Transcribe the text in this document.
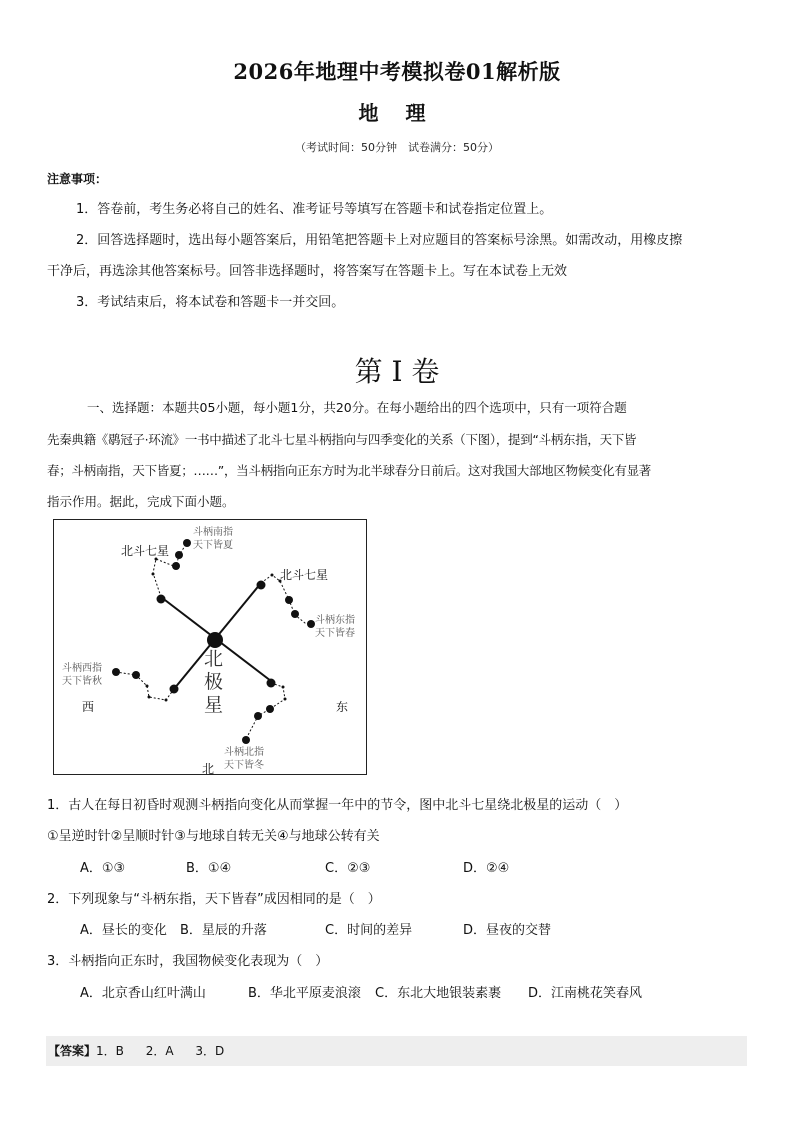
2026年地理中考模拟卷01解析版
地 理
（考试时间：50分钟　试卷满分：50分）
注意事项：
1．答卷前，考生务必将自己的姓名、准考证号等填写在答题卡和试卷指定位置上。
2．回答选择题时，选出每小题答案后，用铅笔把答题卡上对应题目的答案标号涂黑。如需改动，用橡皮擦
干净后，再选涂其他答案标号。回答非选择题时，将答案写在答题卡上。写在本试卷上无效
3．考试结束后，将本试卷和答题卡一并交回。
第 I 卷
一、选择题：本题共05小题，每小题1分，共20分。在每小题给出的四个选项中，只有一项符合题
先秦典籍《鹖冠子·环流》一书中描述了北斗七星斗柄指向与四季变化的关系（下图），提到“斗柄东指，天下皆
春；斗柄南指，天下皆夏；……”，当斗柄指向正东方时为北半球春分日前后。这对我国大部地区物候变化有显著
指示作用。据此，完成下面小题。
北斗七星
斗柄南指
天下皆夏
北斗七星
斗柄东指
天下皆春
斗柄西指
天下皆秋
斗柄北指
天下皆冬
北
极
星
西	东
北
1．古人在每日初昏时观测斗柄指向变化从而掌握一年中的节令，图中北斗七星绕北极星的运动（　）
①呈逆时针②呈顺时针③与地球自转无关④与地球公转有关
A．①③	B．①④	C．②③	D．②④
2．下列现象与“斗柄东指，天下皆春”成因相同的是（　）
A．昼长的变化 B．星辰的升落	C．时间的差异	D．昼夜的交替
3．斗柄指向正东时，我国物候变化表现为（　）
A．北京香山红叶满山	B．华北平原麦浪滚 C．东北大地银装素裹 D．江南桃花笑春风
【答案】1．B 2．A 3．D
